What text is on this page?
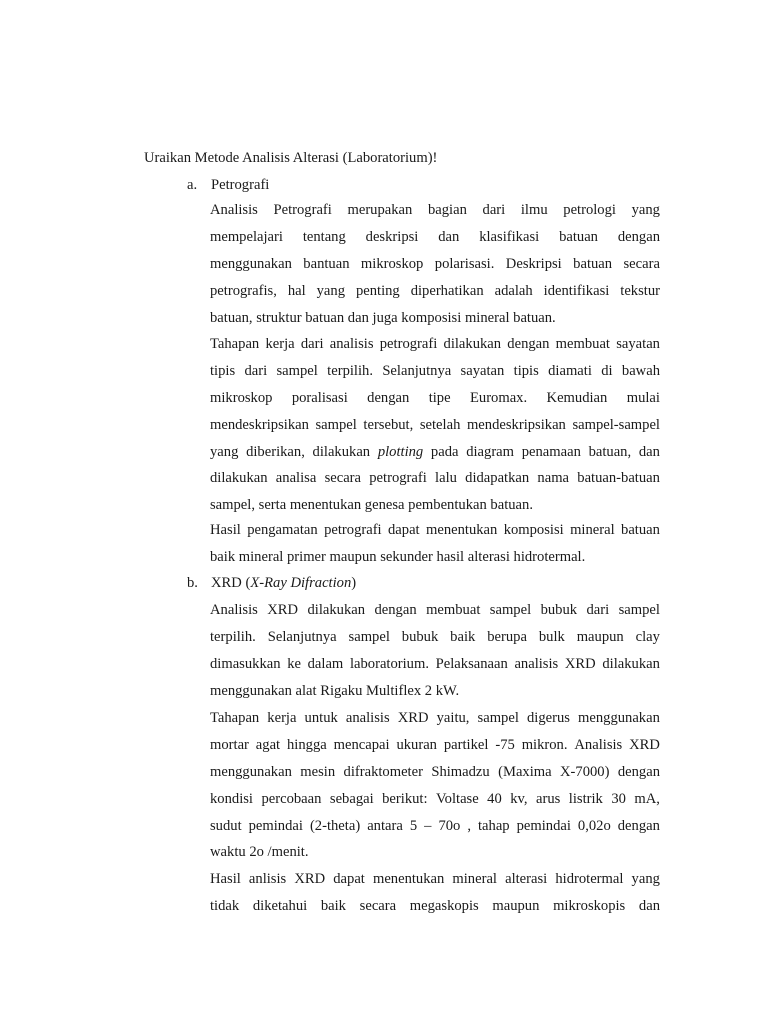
Uraikan Metode Analisis Alterasi (Laboratorium)!
a. Petrografi
Analisis Petrografi merupakan bagian dari ilmu petrologi yang
mempelajari tentang deskripsi dan klasifikasi batuan dengan
menggunakan bantuan mikroskop polarisasi. Deskripsi batuan secara
petrografis, hal yang penting diperhatikan adalah identifikasi tekstur
batuan, struktur batuan dan juga komposisi mineral batuan.
Tahapan kerja dari analisis petrografi dilakukan dengan membuat sayatan
tipis dari sampel terpilih. Selanjutnya sayatan tipis diamati di bawah
mikroskop poralisasi dengan tipe Euromax. Kemudian mulai
mendeskripsikan sampel tersebut, setelah mendeskripsikan sampel-sampel
yang diberikan, dilakukan plotting pada diagram penamaan batuan, dan
dilakukan analisa secara petrografi lalu didapatkan nama batuan-batuan
sampel, serta menentukan genesa pembentukan batuan.
Hasil pengamatan petrografi dapat menentukan komposisi mineral batuan
baik mineral primer maupun sekunder hasil alterasi hidrotermal.
b. XRD (X-Ray Difraction)
Analisis XRD dilakukan dengan membuat sampel bubuk dari sampel
terpilih. Selanjutnya sampel bubuk baik berupa bulk maupun clay
dimasukkan ke dalam laboratorium. Pelaksanaan analisis XRD dilakukan
menggunakan alat Rigaku Multiflex 2 kW.
Tahapan kerja untuk analisis XRD yaitu, sampel digerus menggunakan
mortar agat hingga mencapai ukuran partikel -75 mikron. Analisis XRD
menggunakan mesin difraktometer Shimadzu (Maxima X-7000) dengan
kondisi percobaan sebagai berikut: Voltase 40 kv, arus listrik 30 mA,
sudut pemindai (2-theta) antara 5 – 70o , tahap pemindai 0,02o dengan
waktu 2o /menit.
Hasil anlisis XRD dapat menentukan mineral alterasi hidrotermal yang
tidak diketahui baik secara megaskopis maupun mikroskopis dan
